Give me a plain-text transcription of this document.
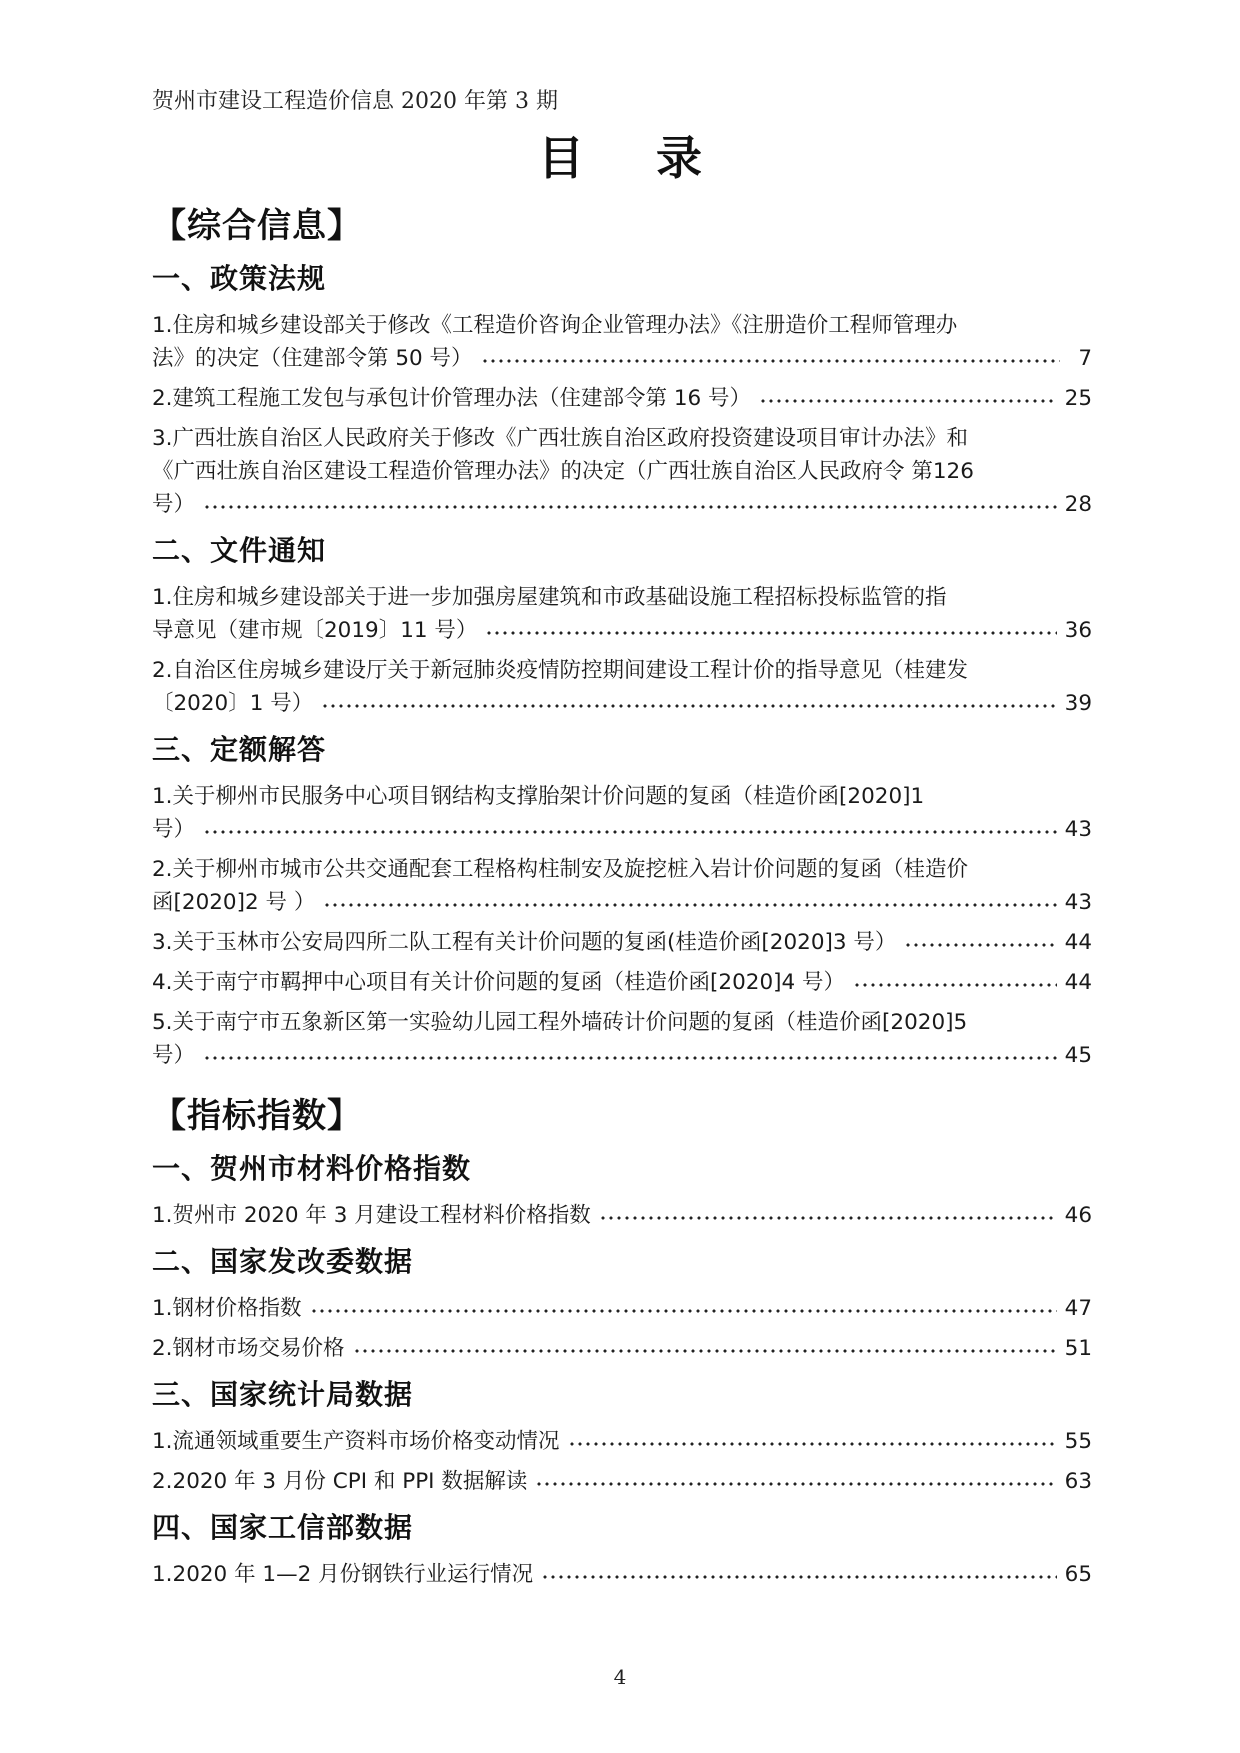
贺州市建设工程造价信息 2020 年第 3 期
目录
【综合信息】
一、政策法规
1.住房和城乡建设部关于修改《工程造价咨询企业管理办法》《注册造价工程师管理办
法》的决定（住建部令第 50 号）	7
2.建筑工程施工发包与承包计价管理办法（住建部令第 16 号）	25
3.广西壮族自治区人民政府关于修改《广西壮族自治区政府投资建设项目审计办法》和
《广西壮族自治区建设工程造价管理办法》的决定（广西壮族自治区人民政府令 第126
号）	28
二、文件通知
1.住房和城乡建设部关于进一步加强房屋建筑和市政基础设施工程招标投标监管的指
导意见（建市规〔2019〕11 号）	36
2.自治区住房城乡建设厅关于新冠肺炎疫情防控期间建设工程计价的指导意见（桂建发
〔2020〕1 号）	39
三、定额解答
1.关于柳州市民服务中心项目钢结构支撑胎架计价问题的复函（桂造价函[2020]1
号）	43
2.关于柳州市城市公共交通配套工程格构柱制安及旋挖桩入岩计价问题的复函（桂造价
函[2020]2 号 ）	43
3.关于玉林市公安局四所二队工程有关计价问题的复函(桂造价函[2020]3 号）	44
4.关于南宁市羁押中心项目有关计价问题的复函（桂造价函[2020]4 号）	44
5.关于南宁市五象新区第一实验幼儿园工程外墙砖计价问题的复函（桂造价函[2020]5
号）	45
【指标指数】
一、贺州市材料价格指数
1.贺州市 2020 年 3 月建设工程材料价格指数	46
二、国家发改委数据
1.钢材价格指数	47
2.钢材市场交易价格	51
三、国家统计局数据
1.流通领域重要生产资料市场价格变动情况	55
2.2020 年 3 月份 CPI 和 PPI 数据解读	63
四、国家工信部数据
1.2020 年 1—2 月份钢铁行业运行情况	65
4
